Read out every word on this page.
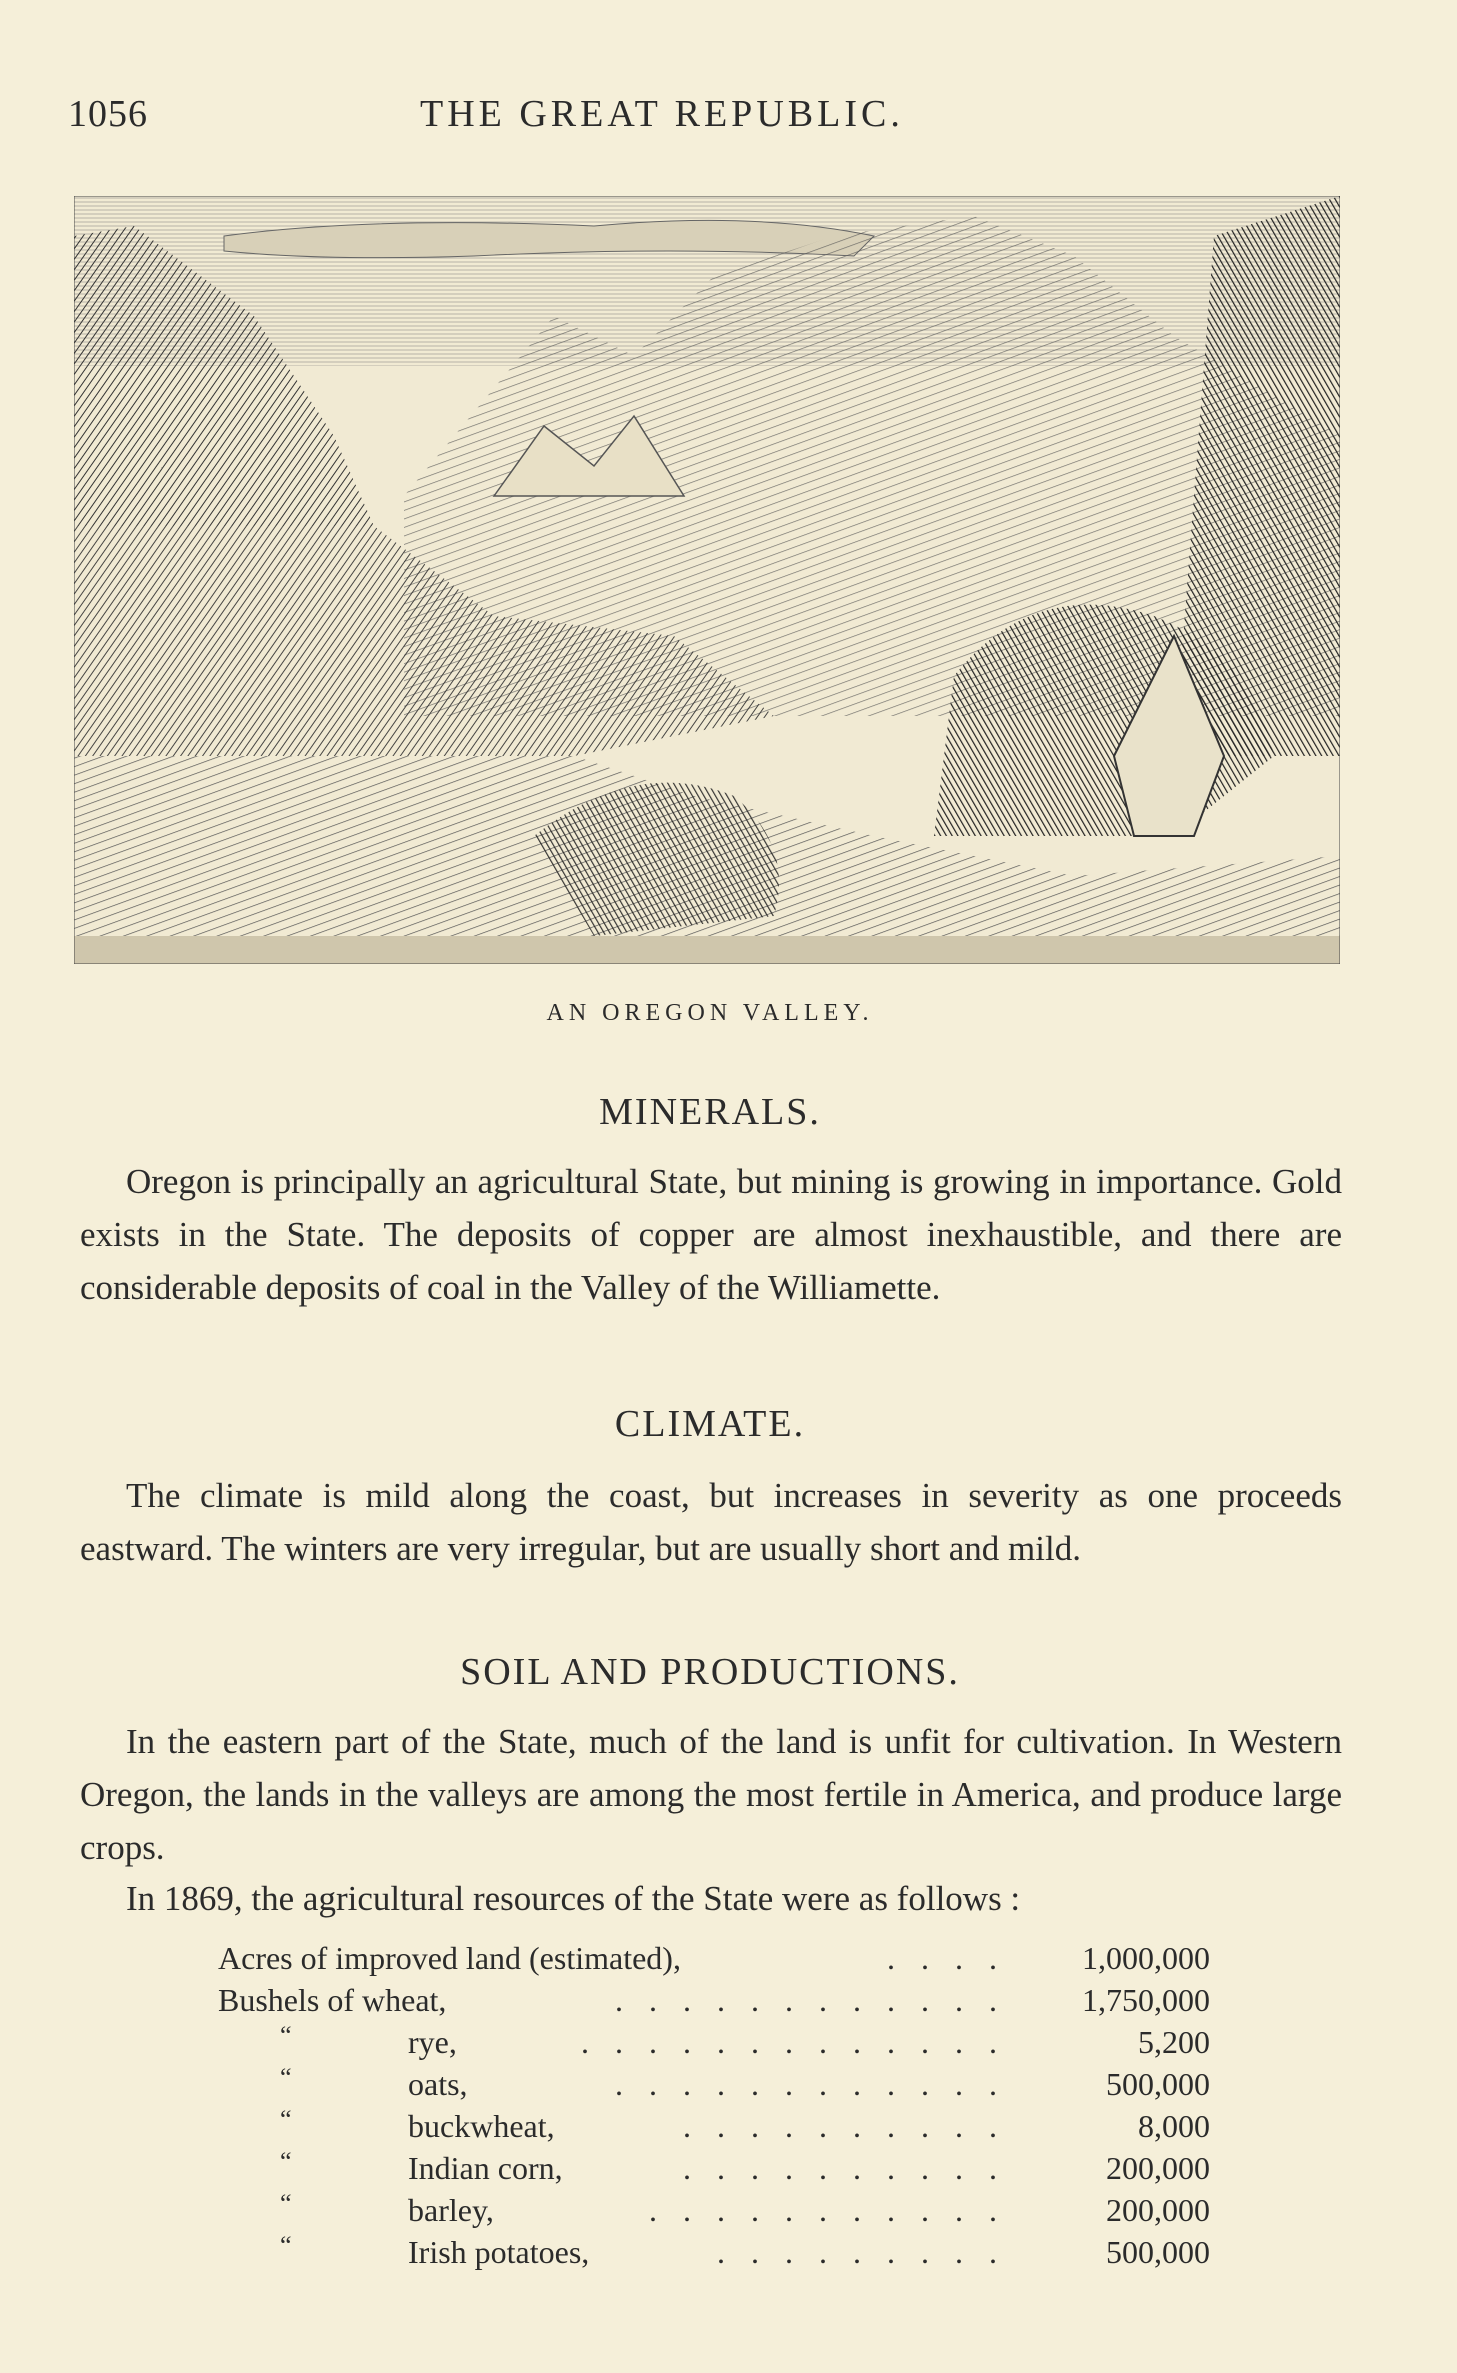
1056	THE GREAT REPUBLIC.
AN OREGON VALLEY.
MINERALS.

Oregon is principally an agricultural State, but mining is growing in importance. Gold exists in the State. The deposits of copper are almost inexhaustible, and there are considerable deposits of coal in the Valley of the Williamette.

CLIMATE.

The climate is mild along the coast, but increases in severity as one proceeds eastward. The winters are very irregular, but are usually short and mild.

SOIL AND PRODUCTIONS.

In the eastern part of the State, much of the land is unfit for cultivation. In Western Oregon, the lands in the valleys are among the most fertile in America, and produce large crops.

In 1869, the agricultural resources of the State were as follows :

Acres of improved land (estimated),	. . . . 1,000,000
Bushels of wheat,	. . . . . . . . . . . . 1,750,000
“	rye,	. . . . . . . . . . . . .	5,200
“	oats,	. . . . . . . . . . . .	500,000
“	buckwheat,	. . . . . . . . . .	8,000
“	Indian corn,	. . . . . . . . . .	200,000
“	barley,	. . . . . . . . . . .	200,000
“	Irish potatoes,	. . . . . . . . .	500,000
